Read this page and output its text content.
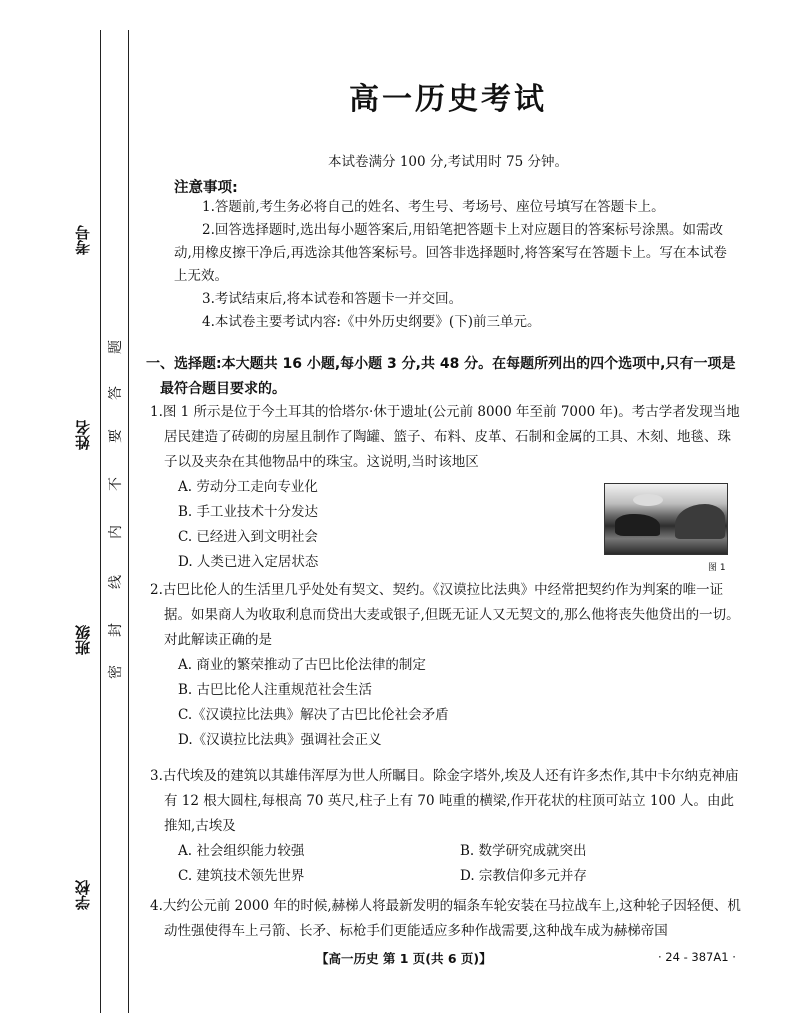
考号
姓名
班级
学校
密
封
线
内
不
要
答
题
高一历史考试
本试卷满分 100 分,考试用时 75 分钟。
注意事项:

1.答题前,考生务必将自己的姓名、考生号、考场号、座位号填写在答题卡上。

2.回答选择题时,选出每小题答案后,用铅笔把答题卡上对应题目的答案标号涂黑。如需改动,用橡皮擦干净后,再选涂其他答案标号。回答非选择题时,将答案写在答题卡上。写在本试卷上无效。

3.考试结束后,将本试卷和答题卡一并交回。

4.本试卷主要考试内容:《中外历史纲要》(下)前三单元。

一、选择题:本大题共 16 小题,每小题 3 分,共 48 分。在每题所列出的四个选项中,只有一项是
最符合题目要求的。

1.图 1 所示是位于今土耳其的恰塔尔·休于遗址(公元前 8000 年至前 7000 年)。考古学者发现当地居民建造了砖砌的房屋且制作了陶罐、篮子、布料、皮革、石制和金属的工具、木刻、地毯、珠子以及夹杂在其他物品中的珠宝。这说明,当时该地区

A. 劳动分工走向专业化

B. 手工业技术十分发达

C. 已经进入到文明社会

D. 人类已进入定居状态	图 1

2.古巴比伦人的生活里几乎处处有契文、契约。《汉谟拉比法典》中经常把契约作为判案的唯一证据。如果商人为收取利息而贷出大麦或银子,但既无证人又无契文的,那么他将丧失他贷出的一切。对此解读正确的是

A. 商业的繁荣推动了古巴比伦法律的制定

B. 古巴比伦人注重规范社会生活

C.《汉谟拉比法典》解决了古巴比伦社会矛盾

D.《汉谟拉比法典》强调社会正义

3.古代埃及的建筑以其雄伟浑厚为世人所瞩目。除金字塔外,埃及人还有许多杰作,其中卡尔纳克神庙有 12 根大圆柱,每根高 70 英尺,柱子上有 70 吨重的横梁,作开花状的柱顶可站立 100 人。由此推知,古埃及

A. 社会组织能力较强	B. 数学研究成就突出
C. 建筑技术领先世界	D. 宗教信仰多元并存

4.大约公元前 2000 年的时候,赫梯人将最新发明的辐条车轮安装在马拉战车上,这种轮子因轻便、机动性强使得车上弓箭、长矛、标枪手们更能适应多种作战需要,这种战车成为赫梯帝国

【高一历史 第 1 页(共 6 页)】	· 24 - 387A1 ·
